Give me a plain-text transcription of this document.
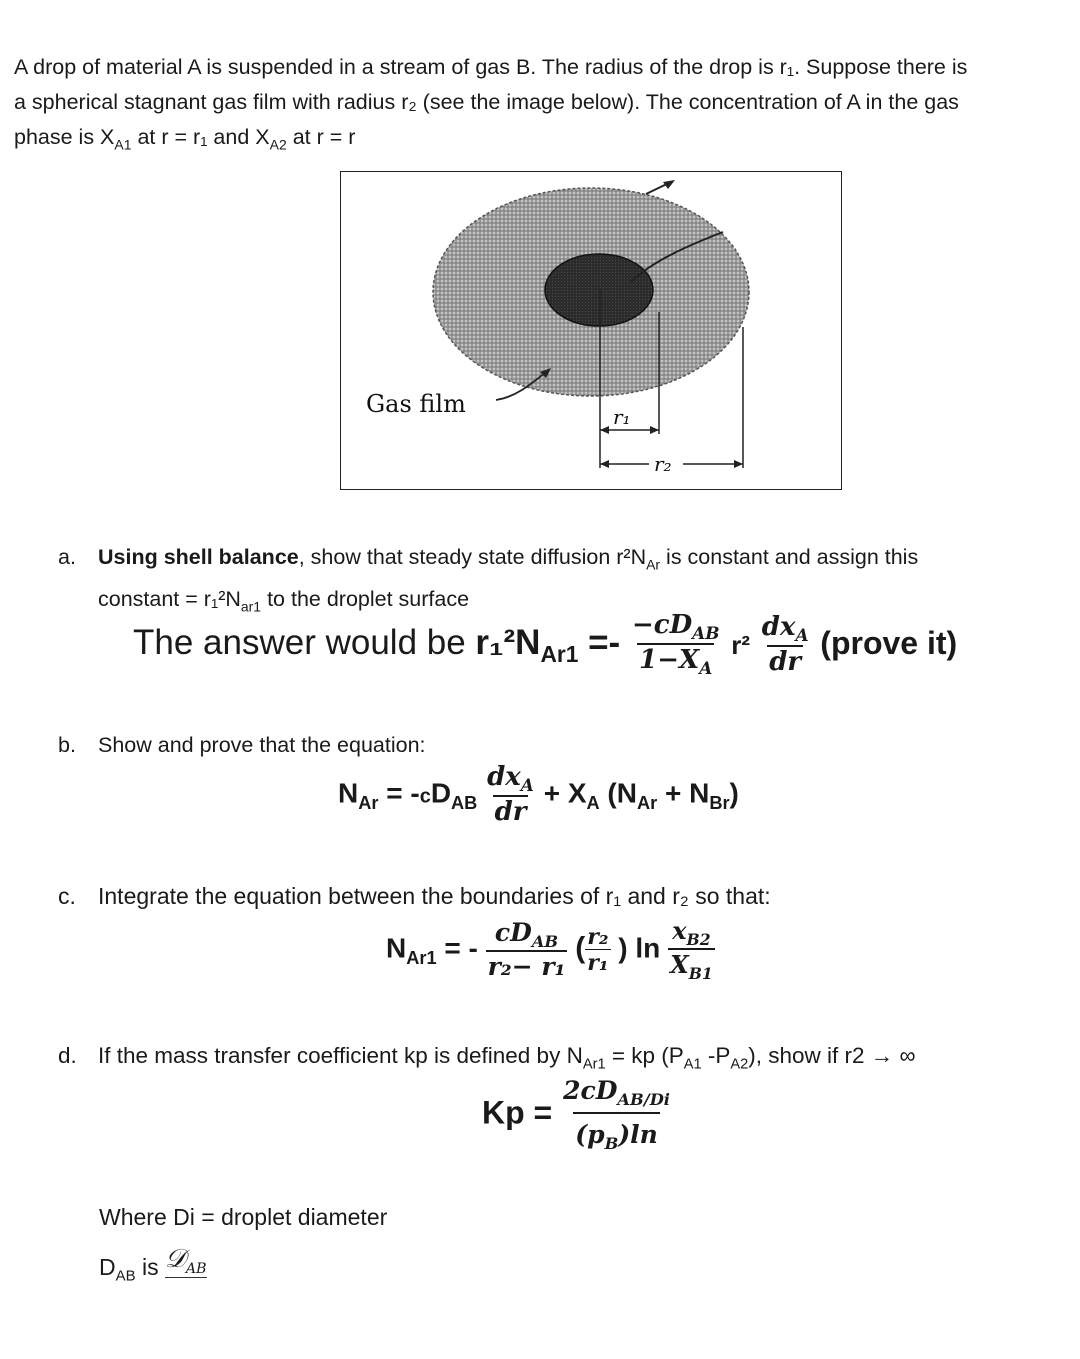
A drop of material A is suspended in a stream of gas B. The radius of the drop is r₁. Suppose there is

a spherical stagnant gas film with radius r₂ (see the image below). The concentration of A in the gas

phase is $X_{A1}$ at r = r₁ and $X_{A2}$ at r = r

Gas film	r₁
r₂
a. Using shell balance, show that steady state diffusion $r^2N_{Ar}$ is constant and assign this
constant = $r_1^2N_{ar1}$ to the droplet surface
The answer would be $r_1^2N_{Ar1} =- \frac{-cD_{AB}}{1-X_A} r^2 \frac{dx_A}{dr}$ (prove it)
b. Show and prove that the equation:
$N_{Ar} = -cD_{AB} \frac{dx_A}{dr} + X_A$ $(N_{Ar} + N_{Br})$
c. Integrate the equation between the boundaries of r₁ and r₂ so that:
$N_{Ar1}$ = - $\frac{cD_{AB}}{\text{r₂− r₁}}$ ( $\frac{\text{r₂}}{\text{r₁}}$ ) $\ln \frac{x_{B2}}{X_{B1}}$
d. If the mass transfer coefficient kp is defined by $N_{Ar1}$ = kp ($P_{A1}$ $-P_{A2}$), show if r2 → ∞
$Kp = \frac{2cD_{AB/Di}}{(p_B)\ln}$
Where Di = droplet diameter
$D_{AB}$ is 𝒟$_{AB}$
